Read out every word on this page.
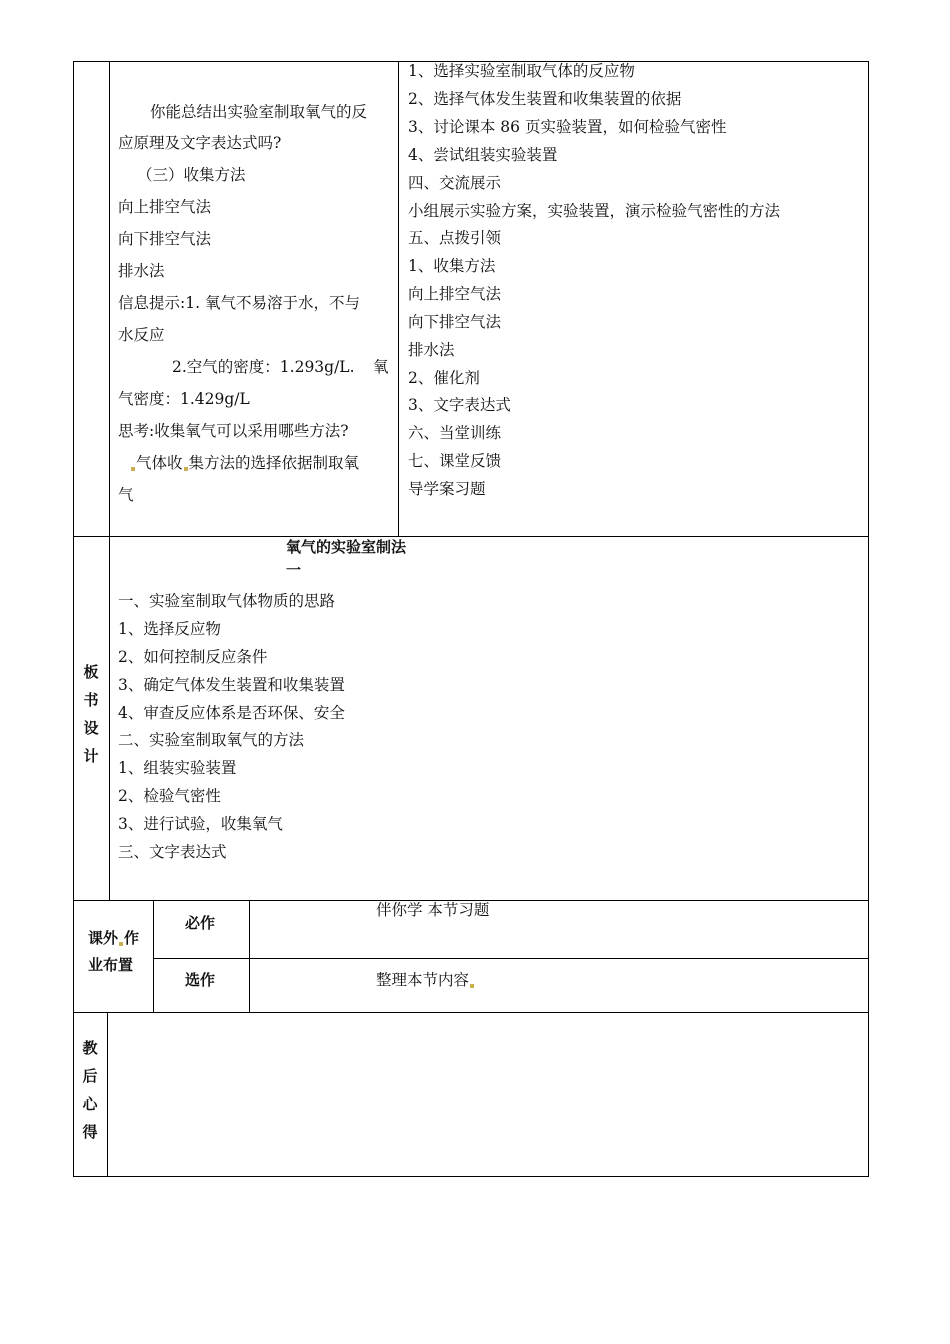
你能总结出实验室制取氧气的反
应原理及文字表达式吗?
（三）收集方法
向上排空气法
向下排空气法
排水法
信息提示:1. 氧气不易溶于水，不与
水反应
2.空气的密度：1.293g/L. 氧
气密度：1.429g/L
思考:收集氧气可以采用哪些方法?
气体收 集方法的选择依据制取氧
气
1、选择实验室制取气体的反应物
2、选择气体发生装置和收集装置的依据
3、讨论课本 86 页实验装置，如何检验气密性
4、尝试组装实验装置
四、交流展示
小组展示实验方案，实验装置，演示检验气密性的方法
五、点拨引领
1、收集方法
向上排空气法
向下排空气法
排水法
2、催化剂
3、文字表达式
六、当堂训练
七、课堂反馈
导学案习题
板
书
设
计
氧气的实验室制法
一
一、实验室制取气体物质的思路
1、选择反应物
2、如何控制反应条件
3、确定气体发生装置和收集装置
4、审查反应体系是否环保、安全
二、实验室制取氧气的方法
1、组装实验装置
2、检验气密性
3、进行试验，收集氧气
三、文字表达式
课外 作
业布置
必作
伴你学 本节习题
选作	整理本节内容
教
后
心
得
